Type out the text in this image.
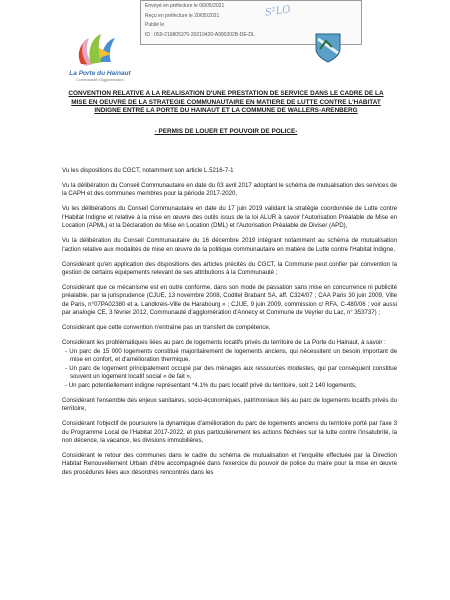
Envoyé en préfecture le 06/05/2021
Reçu en préfecture le 20/05/2021
Publié le
ID : 059-216805375-20210420-A990202B-DE-DL
S²LO
La Porte du Hainaut
Communauté d'Agglomération
CONVENTION RELATIVE A LA REALISATION D'UNE PRESTATION DE SERVICE DANS LE CADRE DE LA
MISE EN OEUVRE DE LA STRATEGIE COMMUNAUTAIRE EN MATIERE DE LUTTE CONTRE L'HABITAT
INDIGNE ENTRE LA PORTE DU HAINAUT ET LA COMMUNE DE WALLERS-ARENBERG
- PERMIS DE LOUER ET POUVOIR DE POLICE-

Vu les dispositions du CGCT, notamment son article L.5216-7-1

Vu la délibération du Conseil Communautaire en date du 03 avril 2017 adoptant le schéma de mutualisation des services de la CAPH et des communes membres pour la période 2017-2020,

Vu les délibérations du Conseil Communautaire en date du 17 juin 2019 validant la stratégie coordonnée de Lutte contre l'Habitat Indigne et relative à la mise en œuvre des outils issus de la loi ALUR à savoir l'Autorisation Préalable de Mise en Location (APML) et la Déclaration de Mise en Location (DML) et l'Autorisation Préalable de Diviser (APD),

Vu la délibération du Conseil Communautaire du 16 décembre 2019 intégrant notamment au schéma de mutualisation l'action relative aux modalités de mise en œuvre de la politique communautaire en matière de Lutte contre l'Habitat Indigne,

Considérant qu'en application des dispositions des articles précités du CGCT, la Commune peut confier par convention la gestion de certains équipements relevant de ses attributions à la Communauté ;

Considérant que ce mécanisme est en outre conforme, dans son mode de passation sans mise en concurrence ni publicité préalable, par la jurisprudence (CJUE, 13 novembre 2008, Coditel Brabant SA, aff. C324/07 ; CAA Paris 30 juin 2009, Ville de Paris, n°07PA02380 et a. Landkreis-Ville de Harabourg » ; CJUE, 9 juin 2009, commission c/ RFA, C-480/06 ; voir aussi par analogie CE, 3 février 2012, Communauté d'agglomération d'Annecy et Commune de Veyrier du Lac, n° 353737) ;

Considérant que cette convention n'entraîne pas un transfert de compétence,

Considérant les problématiques liées au parc de logements locatifs privés du territoire de La Porte du Hainaut, à savoir :
- Un parc de 15 000 logements constitué majoritairement de logements anciens, qui nécessitent un besoin important de mise en confort, et d'amélioration thermique,
- Un parc de logement principalement occupé par des ménages aux ressources modestes, qui par conséquent constitue souvent un logement locatif social « de fait »,
- Un parc potentiellement indigne représentant *4.1% du parc locatif privé du territoire, soit 2 140 logements,

Considérant l'ensemble des enjeux sanitaires, socio-économiques, patrimoniaux liés au parc de logements locatifs privés du territoire,

Considérant l'objectif de poursuivre la dynamique d'amélioration du parc de logements anciens du territoire porté par l'axe 3 du Programme Local de l'Habitat 2017-2022, et plus particulièrement les actions fléchées sur la lutte contre l'insalubrité, la non décence, la vacance, les divisions immobilières,

Considérant le retour des communes dans le cadre du schéma de mutualisation et l'enquête effectuée par la Direction Habitat Renouvellement Urbain d'être accompagnée dans l'exercice du pouvoir de police du maire pour la mise en œuvre des procédures liées aux désordres rencontrés dans les
